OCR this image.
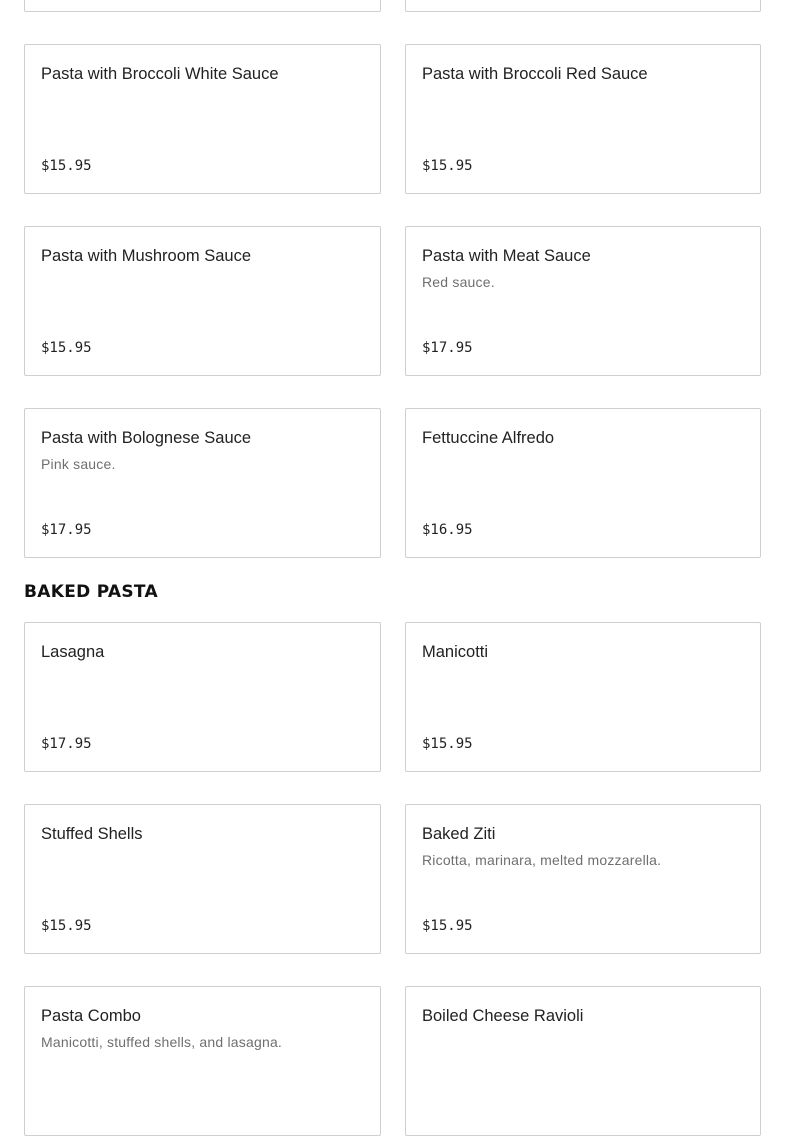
Pasta with Broccoli White Sauce
$15.95
Pasta with Broccoli Red Sauce
$15.95
Pasta with Mushroom Sauce
$15.95
Pasta with Meat Sauce
Red sauce.
$17.95
Pasta with Bolognese Sauce
Pink sauce.
$17.95
Fettuccine Alfredo
$16.95
BAKED PASTA
Lasagna
$17.95
Manicotti
$15.95
Stuffed Shells
$15.95
Baked Ziti
Ricotta, marinara, melted mozzarella.
$15.95
Pasta Combo
Manicotti, stuffed shells, and lasagna.
Boiled Cheese Ravioli
